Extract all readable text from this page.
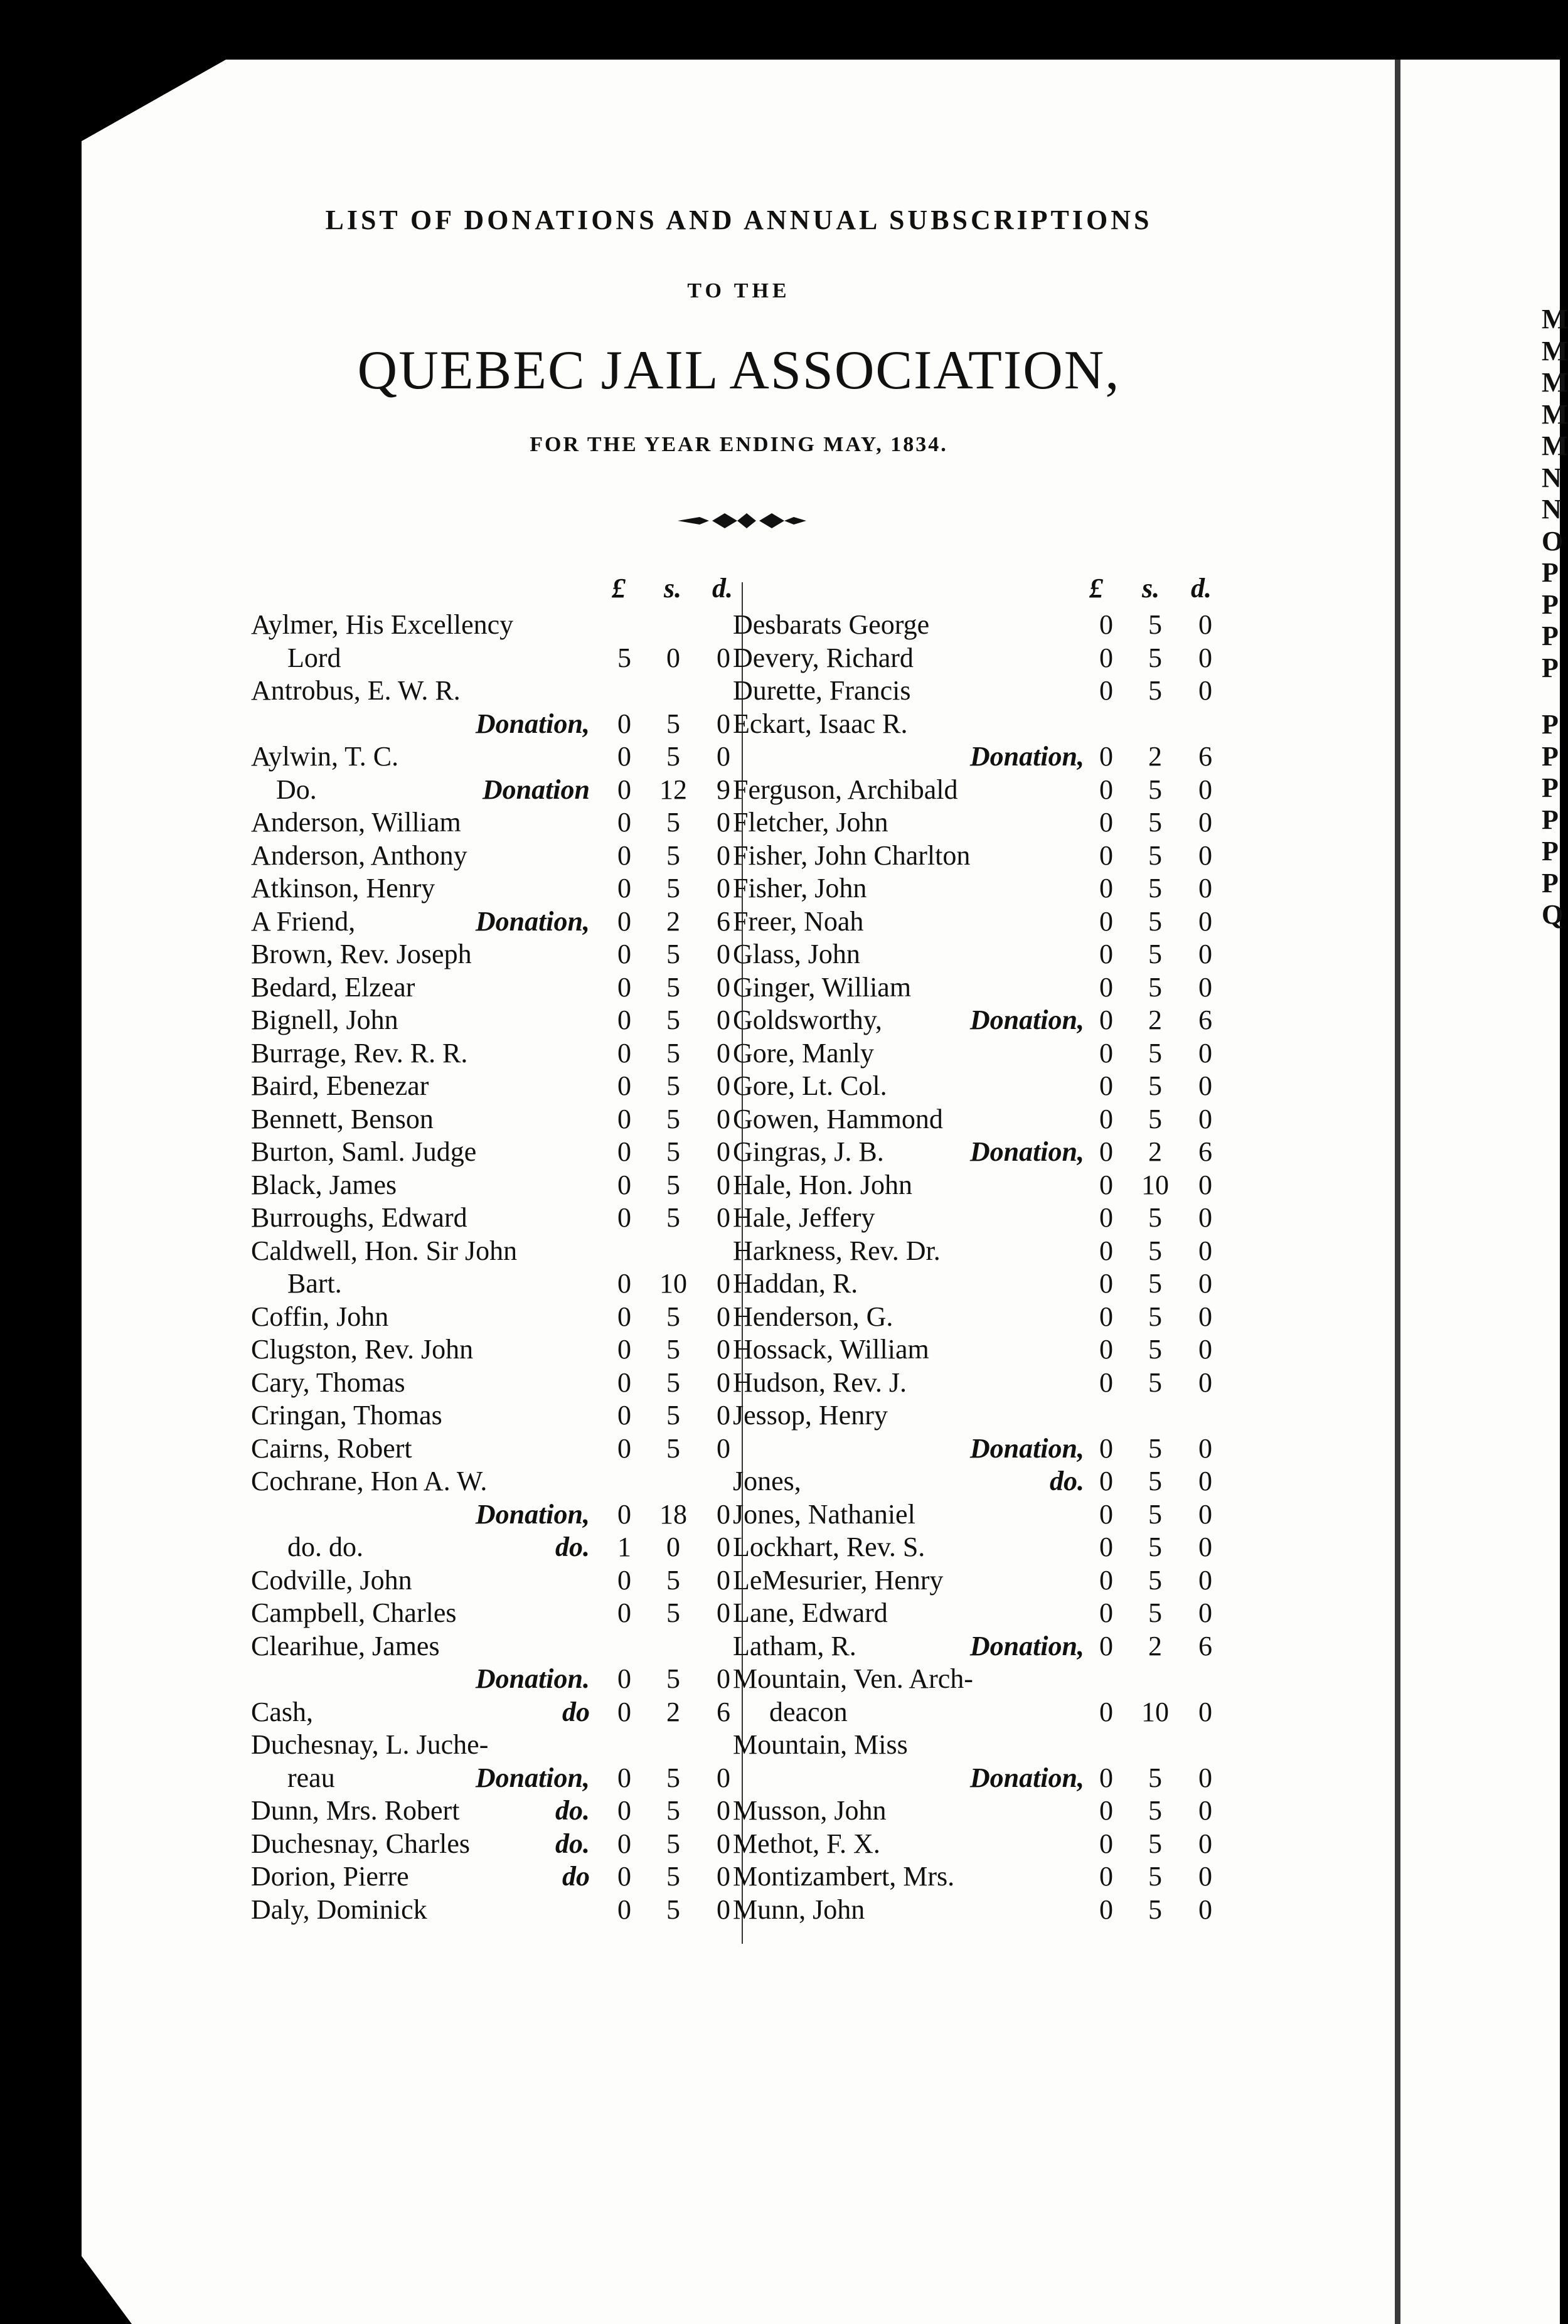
M
M
M
M
M
N
N
O
P
P
P
P
P
P
P
P
P
P
Q
LIST OF DONATIONS AND ANNUAL SUBSCRIPTIONS
TO THE
QUEBEC JAIL ASSOCIATION,
FOR THE YEAR ENDING MAY, 1834.
£ s. d.
Aylmer, His Excellency
Lord	5	0	0
Antrobus, E. W. R.
Donation,	0	5	0
Aylwin, T. C.	0	5	0
Do.	Donation	0	12	9
Anderson, William	0	5	0
Anderson, Anthony	0	5	0
Atkinson, Henry	0	5	0
A Friend,	Donation,	0	2	6
Brown, Rev. Joseph	0	5	0
Bedard, Elzear	0	5	0
Bignell, John	0	5	0
Burrage, Rev. R. R.	0	5	0
Baird, Ebenezar	0	5	0
Bennett, Benson	0	5	0
Burton, Saml. Judge	0	5	0
Black, James	0	5	0
Burroughs, Edward	0	5	0
Caldwell, Hon. Sir John
Bart.	0	10	0
Coffin, John	0	5	0
Clugston, Rev. John	0	5	0
Cary, Thomas	0	5	0
Cringan, Thomas	0	5	0
Cairns, Robert	0	5	0
Cochrane, Hon A. W.
Donation,	0	18	0
do. do.	do.	1	0	0
Codville, John	0	5	0
Campbell, Charles	0	5	0
Clearihue, James
Donation.	0	5	0
Cash,	do	0	2	6
Duchesnay, L. Juche-
reau	Donation,	0	5	0
Dunn, Mrs. Robert	do.	0	5	0
Duchesnay, Charles	do.	0	5	0
Dorion, Pierre	do	0	5	0
Daly, Dominick	0	5	0
£ s. d.
Desbarats George	0	5	0
Devery, Richard	0	5	0
Durette, Francis	0	5	0
Eckart, Isaac R.
Donation, 0	2	6
Ferguson, Archibald	0	5	0
Fletcher, John	0	5	0
Fisher, John Charlton	0	5	0
Fisher, John	0	5	0
Freer, Noah	0	5	0
Glass, John	0	5	0
Ginger, William	0	5	0
Goldsworthy,	Donation, 0	2	6
Gore, Manly	0	5	0
Gore, Lt. Col.	0	5	0
Gowen, Hammond	0	5	0
Gingras, J. B.	Donation, 0	2	6
Hale, Hon. John	0	10	0
Hale, Jeffery	0	5	0
Harkness, Rev. Dr.	0	5	0
Haddan, R.	0	5	0
Henderson, G.	0	5	0
Hossack, William	0	5	0
Hudson, Rev. J.	0	5	0
Jessop, Henry
Donation, 0	5	0
Jones,	do. 0	5	0
Jones, Nathaniel	0	5	0
Lockhart, Rev. S.	0	5	0
LeMesurier, Henry	0	5	0
Lane, Edward	0	5	0
Latham, R.	Donation, 0	2	6
Mountain, Ven. Arch-
deacon	0	10	0
Mountain, Miss
Donation, 0	5	0
Musson, John	0	5	0
Methot, F. X.	0	5	0
Montizambert, Mrs.	0	5	0
Munn, John	0	5	0
